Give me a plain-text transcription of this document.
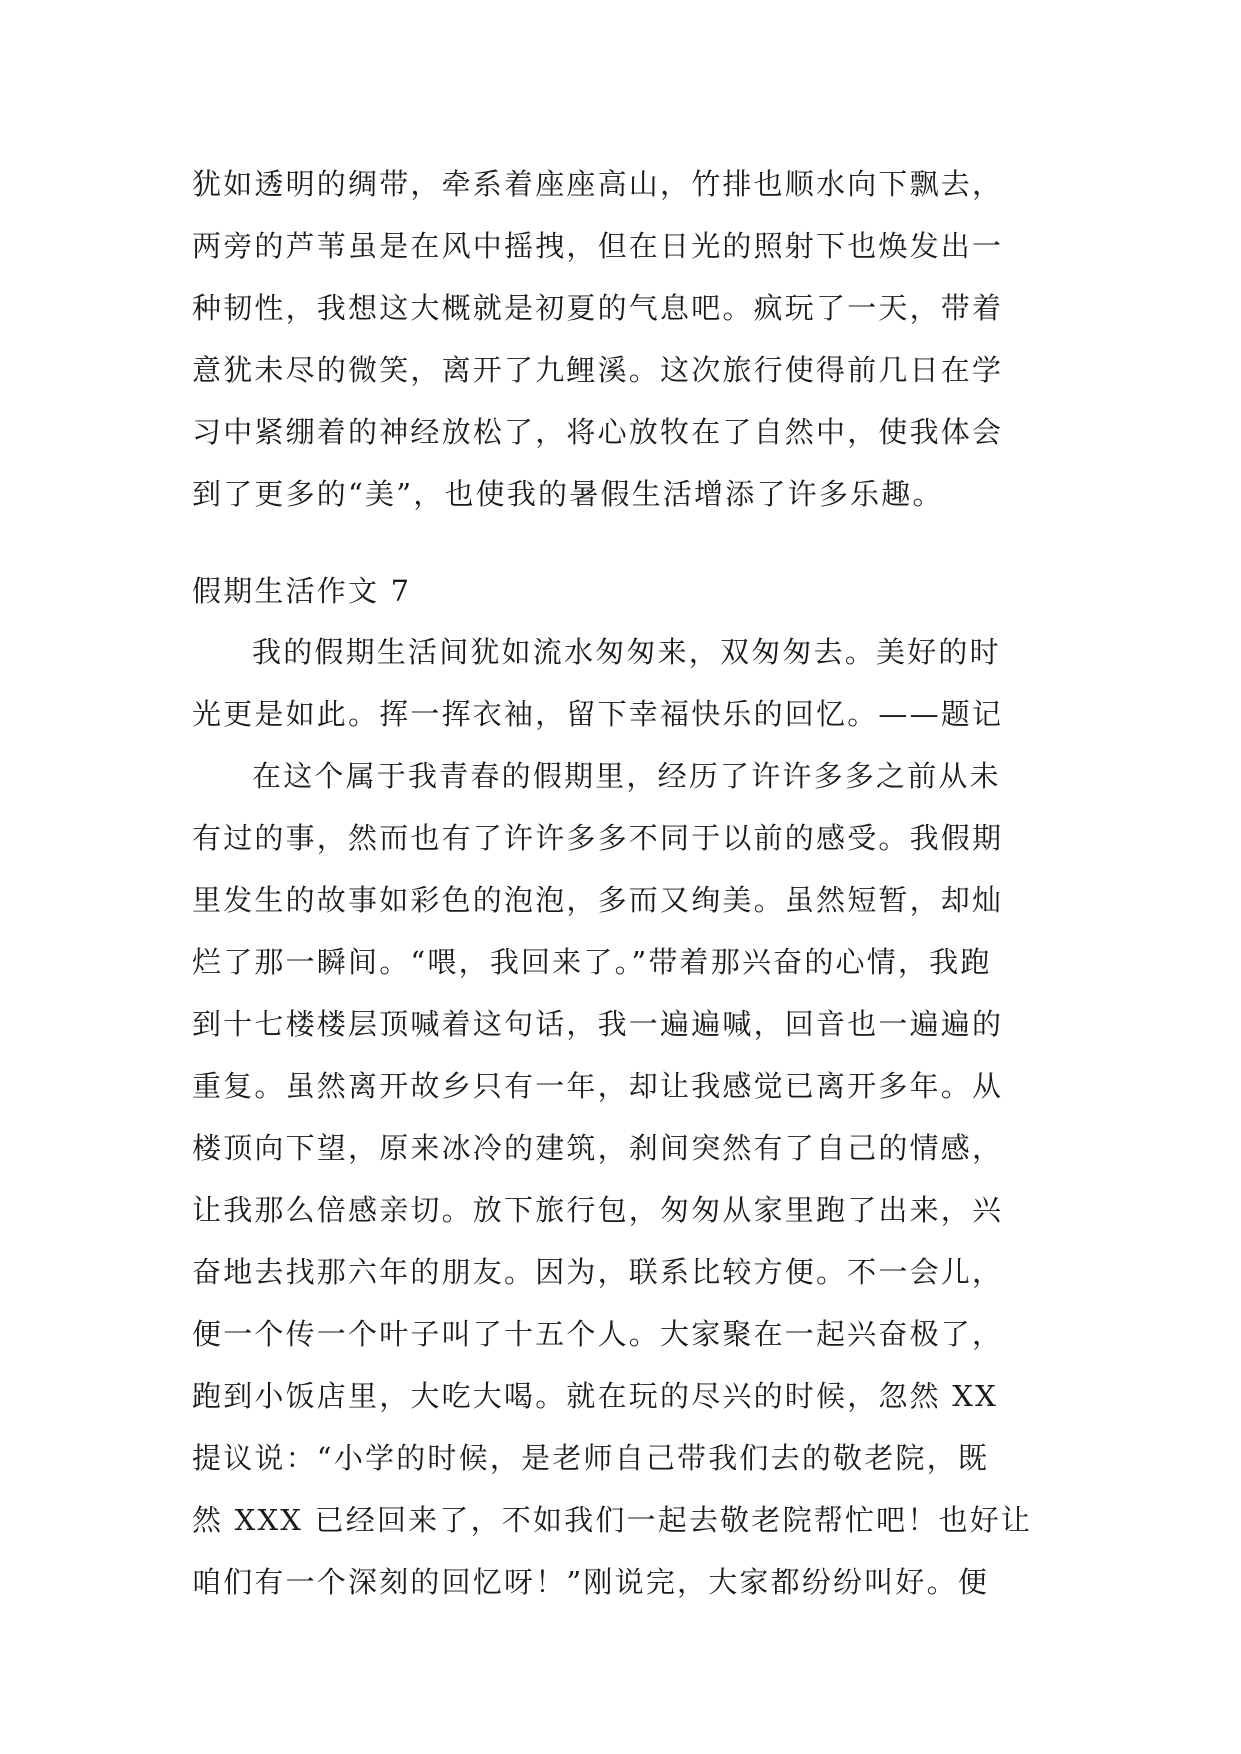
犹如透明的绸带，牵系着座座高山，竹排也顺水向下飘去，
两旁的芦苇虽是在风中摇拽，但在日光的照射下也焕发出一
种韧性，我想这大概就是初夏的气息吧。疯玩了一天，带着
意犹未尽的微笑，离开了九鲤溪。这次旅行使得前几日在学
习中紧绷着的神经放松了，将心放牧在了自然中，使我体会
到了更多的“美”，也使我的暑假生活增添了许多乐趣。
假期生活作文 7
我的假期生活间犹如流水匆匆来，双匆匆去。美好的时
光更是如此。挥一挥衣袖，留下幸福快乐的回忆。——题记
在这个属于我青春的假期里，经历了许许多多之前从未
有过的事，然而也有了许许多多不同于以前的感受。我假期
里发生的故事如彩色的泡泡，多而又绚美。虽然短暂，却灿
烂了那一瞬间。“喂，我回来了。”带着那兴奋的心情，我跑
到十七楼楼层顶喊着这句话，我一遍遍喊，回音也一遍遍的
重复。虽然离开故乡只有一年，却让我感觉已离开多年。从
楼顶向下望，原来冰冷的建筑，刹间突然有了自己的情感，
让我那么倍感亲切。放下旅行包，匆匆从家里跑了出来，兴
奋地去找那六年的朋友。因为，联系比较方便。不一会儿，
便一个传一个叶子叫了十五个人。大家聚在一起兴奋极了，
跑到小饭店里，大吃大喝。就在玩的尽兴的时候，忽然 XX
提议说：“小学的时候，是老师自己带我们去的敬老院，既
然 XXX 已经回来了，不如我们一起去敬老院帮忙吧！也好让
咱们有一个深刻的回忆呀！”刚说完，大家都纷纷叫好。便
